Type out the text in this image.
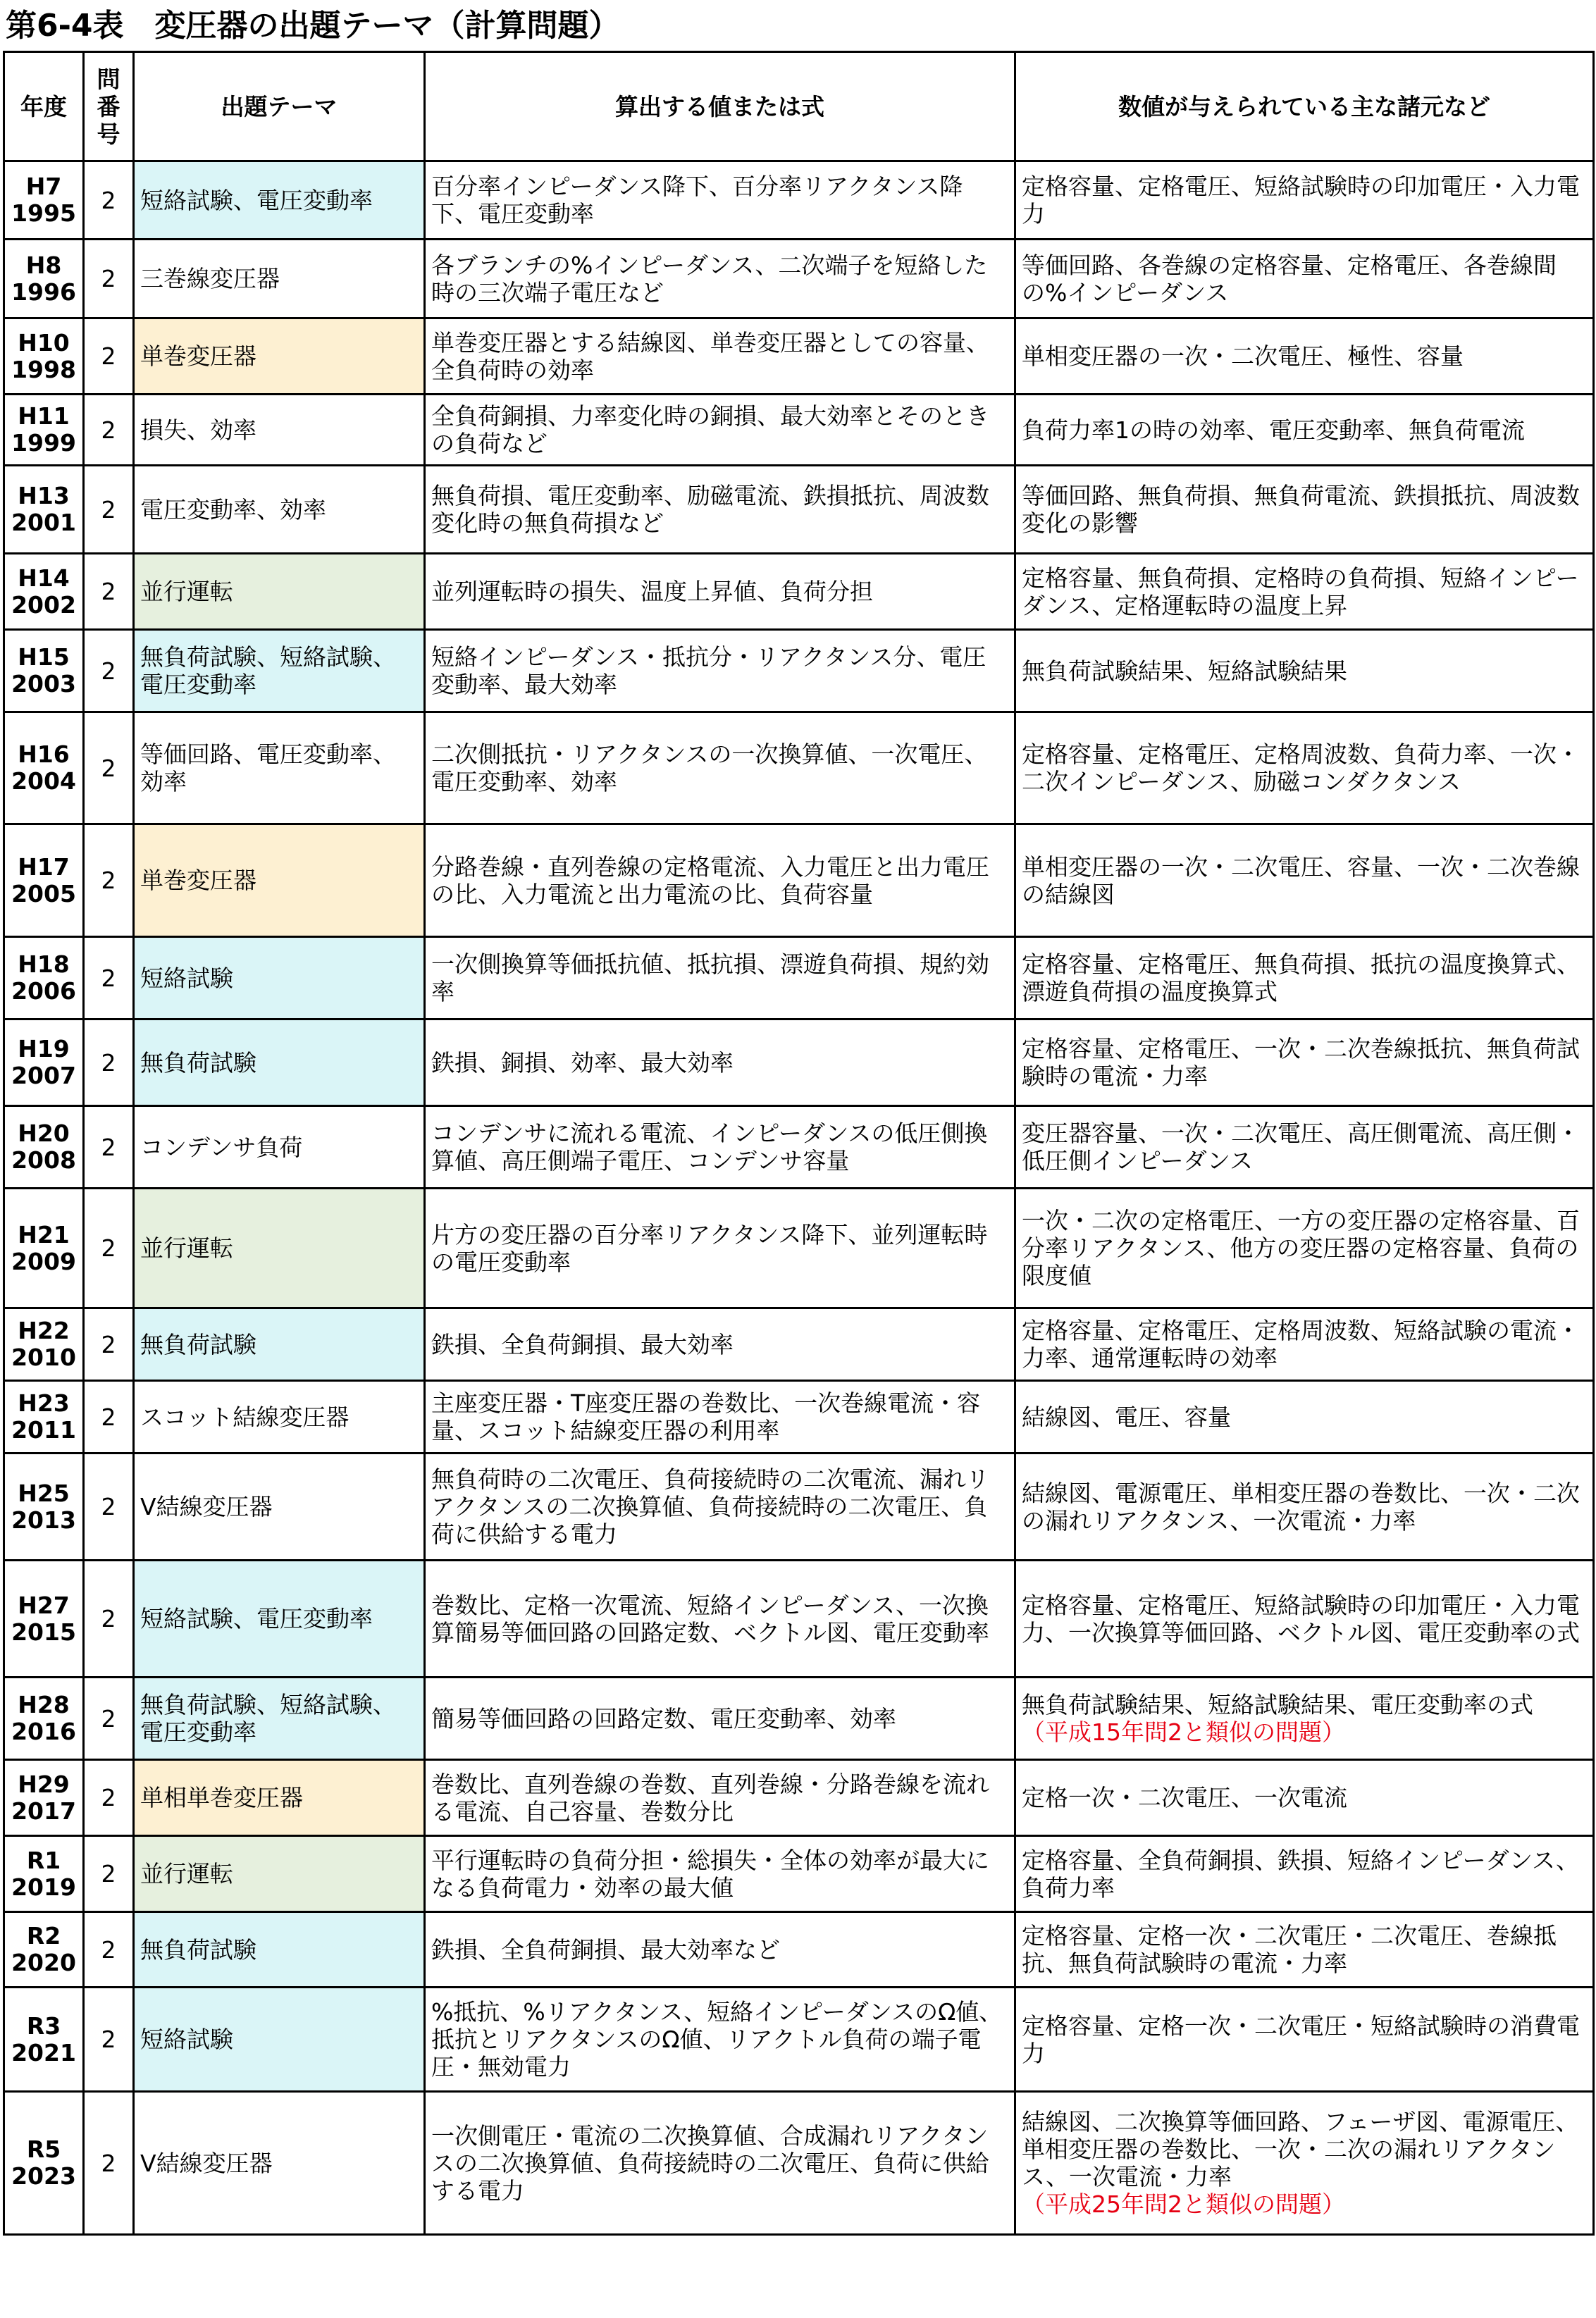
第6-4表　変圧器の出題テーマ（計算問題）
年度	問番号	出題テーマ	算出する値または式	数値が与えられている主な諸元など

H7
1995	2	短絡試験、電圧変動率	百分率インピーダンス降下、百分率リアクタンス降下、電圧変動率	定格容量、定格電圧、短絡試験時の印加電圧・入力電力

H8
1996	2	三巻線変圧器	各ブランチの%インピーダンス、二次端子を短絡した時の三次端子電圧など	等価回路、各巻線の定格容量、定格電圧、各巻線間の%インピーダンス

H10
1998	2	単巻変圧器	単巻変圧器とする結線図、単巻変圧器としての容量、全負荷時の効率	単相変圧器の一次・二次電圧、極性、容量

H11
1999	2	損失、効率	全負荷銅損、力率変化時の銅損、最大効率とそのときの負荷など	負荷力率1の時の効率、電圧変動率、無負荷電流

H13
2001	2	電圧変動率、効率	無負荷損、電圧変動率、励磁電流、鉄損抵抗、周波数変化時の無負荷損など	等価回路、無負荷損、無負荷電流、鉄損抵抗、周波数変化の影響

H14
2002	2	並行運転	並列運転時の損失、温度上昇値、負荷分担	定格容量、無負荷損、定格時の負荷損、短絡インピーダンス、定格運転時の温度上昇

H15
2003	2	無負荷試験、短絡試験、電圧変動率	短絡インピーダンス・抵抗分・リアクタンス分、電圧変動率、最大効率	無負荷試験結果、短絡試験結果

H16
2004	2	等価回路、電圧変動率、効率	二次側抵抗・リアクタンスの一次換算値、一次電圧、電圧変動率、効率	定格容量、定格電圧、定格周波数、負荷力率、一次・二次インピーダンス、励磁コンダクタンス

H17
2005	2	単巻変圧器	分路巻線・直列巻線の定格電流、入力電圧と出力電圧の比、入力電流と出力電流の比、負荷容量	単相変圧器の一次・二次電圧、容量、一次・二次巻線の結線図

H18
2006	2	短絡試験	一次側換算等価抵抗値、抵抗損、漂遊負荷損、規約効率	定格容量、定格電圧、無負荷損、抵抗の温度換算式、漂遊負荷損の温度換算式

H19
2007	2	無負荷試験	鉄損、銅損、効率、最大効率	定格容量、定格電圧、一次・二次巻線抵抗、無負荷試験時の電流・力率

H20
2008	2	コンデンサ負荷	コンデンサに流れる電流、インピーダンスの低圧側換算値、高圧側端子電圧、コンデンサ容量	変圧器容量、一次・二次電圧、高圧側電流、高圧側・低圧側インピーダンス

H21
2009	2	並行運転	片方の変圧器の百分率リアクタンス降下、並列運転時の電圧変動率	一次・二次の定格電圧、一方の変圧器の定格容量、百分率リアクタンス、他方の変圧器の定格容量、負荷の限度値

H22
2010	2	無負荷試験	鉄損、全負荷銅損、最大効率	定格容量、定格電圧、定格周波数、短絡試験の電流・力率、通常運転時の効率

H23
2011	2	スコット結線変圧器	主座変圧器・T座変圧器の巻数比、一次巻線電流・容量、スコット結線変圧器の利用率	結線図、電圧、容量

H25
2013	2	V結線変圧器	無負荷時の二次電圧、負荷接続時の二次電流、漏れリアクタンスの二次換算値、負荷接続時の二次電圧、負荷に供給する電力	結線図、電源電圧、単相変圧器の巻数比、一次・二次の漏れリアクタンス、一次電流・力率

H27
2015	2	短絡試験、電圧変動率	巻数比、定格一次電流、短絡インピーダンス、一次換算簡易等価回路の回路定数、ベクトル図、電圧変動率	定格容量、定格電圧、短絡試験時の印加電圧・入力電力、一次換算等価回路、ベクトル図、電圧変動率の式

H28
2016	2	無負荷試験、短絡試験、電圧変動率	簡易等価回路の回路定数、電圧変動率、効率	無負荷試験結果、短絡試験結果、電圧変動率の式
（平成15年問2と類似の問題）

H29
2017	2	単相単巻変圧器	巻数比、直列巻線の巻数、直列巻線・分路巻線を流れる電流、自己容量、巻数分比	定格一次・二次電圧、一次電流

R1
2019	2	並行運転	平行運転時の負荷分担・総損失・全体の効率が最大になる負荷電力・効率の最大値	定格容量、全負荷銅損、鉄損、短絡インピーダンス、負荷力率

R2
2020	2	無負荷試験	鉄損、全負荷銅損、最大効率など	定格容量、定格一次・二次電圧・二次電圧、巻線抵抗、無負荷試験時の電流・力率

R3
2021	2	短絡試験	%抵抗、%リアクタンス、短絡インピーダンスのΩ値、抵抗とリアクタンスのΩ値、リアクトル負荷の端子電圧・無効電力	定格容量、定格一次・二次電圧・短絡試験時の消費電力

R5
2023	2	V結線変圧器	一次側電圧・電流の二次換算値、合成漏れリアクタンスの二次換算値、負荷接続時の二次電圧、負荷に供給する電力	結線図、二次換算等価回路、フェーザ図、電源電圧、単相変圧器の巻数比、一次・二次の漏れリアクタンス、一次電流・力率
（平成25年問2と類似の問題）
